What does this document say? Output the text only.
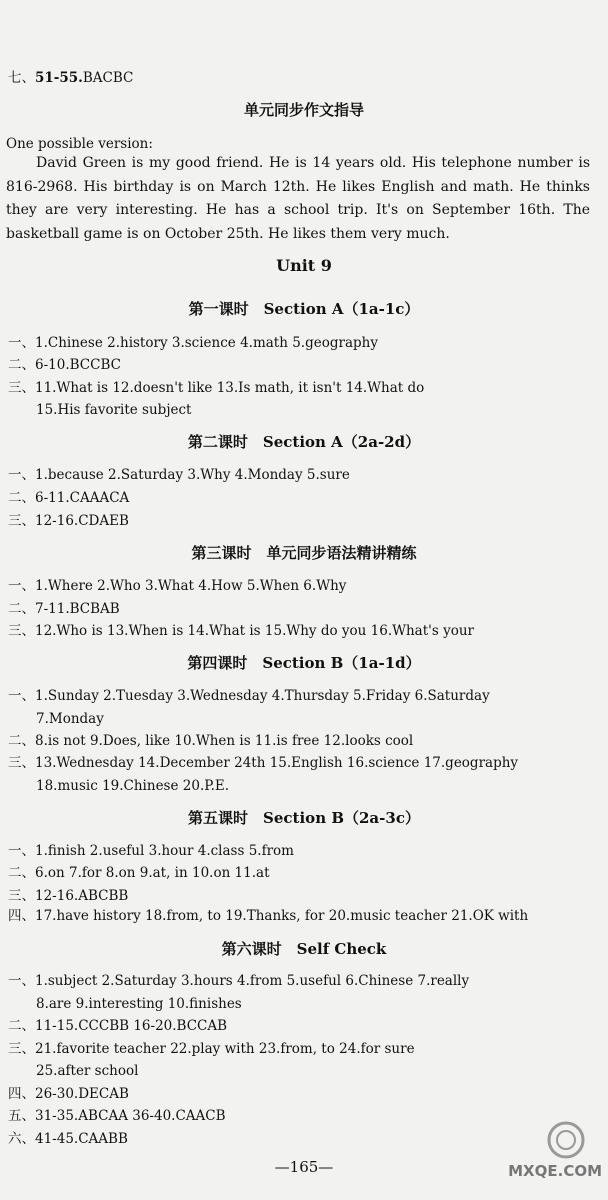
七、51-55.BACBC
单元同步作文指导
One possible version:
David Green is my good friend. He is 14 years old. His telephone number is 816-2968. His birthday is on March 12th. He likes English and math. He thinks they are very interesting. He has a school trip. It's on September 16th. The basketball game is on October 25th. He likes them very much.
Unit 9
第一课时　Section A（1a-1c）
一、1.Chinese 2.history 3.science 4.math 5.geography
二、6-10.BCCBC
三、11.What is 12.doesn't like 13.Is math, it isn't 14.What do
15.His favorite subject
第二课时　Section A（2a-2d）
一、1.because 2.Saturday 3.Why 4.Monday 5.sure
二、6-11.CAAACA
三、12-16.CDAEB
第三课时　单元同步语法精讲精练
一、1.Where 2.Who 3.What 4.How 5.When 6.Why
二、7-11.BCBAB
三、12.Who is 13.When is 14.What is 15.Why do you 16.What's your
第四课时　Section B（1a-1d）
一、1.Sunday 2.Tuesday 3.Wednesday 4.Thursday 5.Friday 6.Saturday
7.Monday
二、8.is not 9.Does, like 10.When is 11.is free 12.looks cool
三、13.Wednesday 14.December 24th 15.English 16.science 17.geography
18.music 19.Chinese 20.P.E.
第五课时　Section B（2a-3c）
一、1.finish 2.useful 3.hour 4.class 5.from
二、6.on 7.for 8.on 9.at, in 10.on 11.at
三、12-16.ABCBB
四、17.have history 18.from, to 19.Thanks, for 20.music teacher 21.OK with
第六课时　Self Check
一、1.subject 2.Saturday 3.hours 4.from 5.useful 6.Chinese 7.really
8.are 9.interesting 10.finishes
二、11-15.CCCBB 16-20.BCCAB
三、21.favorite teacher 22.play with 23.from, to 24.for sure
25.after school
四、26-30.DECAB
五、31-35.ABCAA 36-40.CAACB
六、41-45.CAABB
—165—	MXQE.COM
